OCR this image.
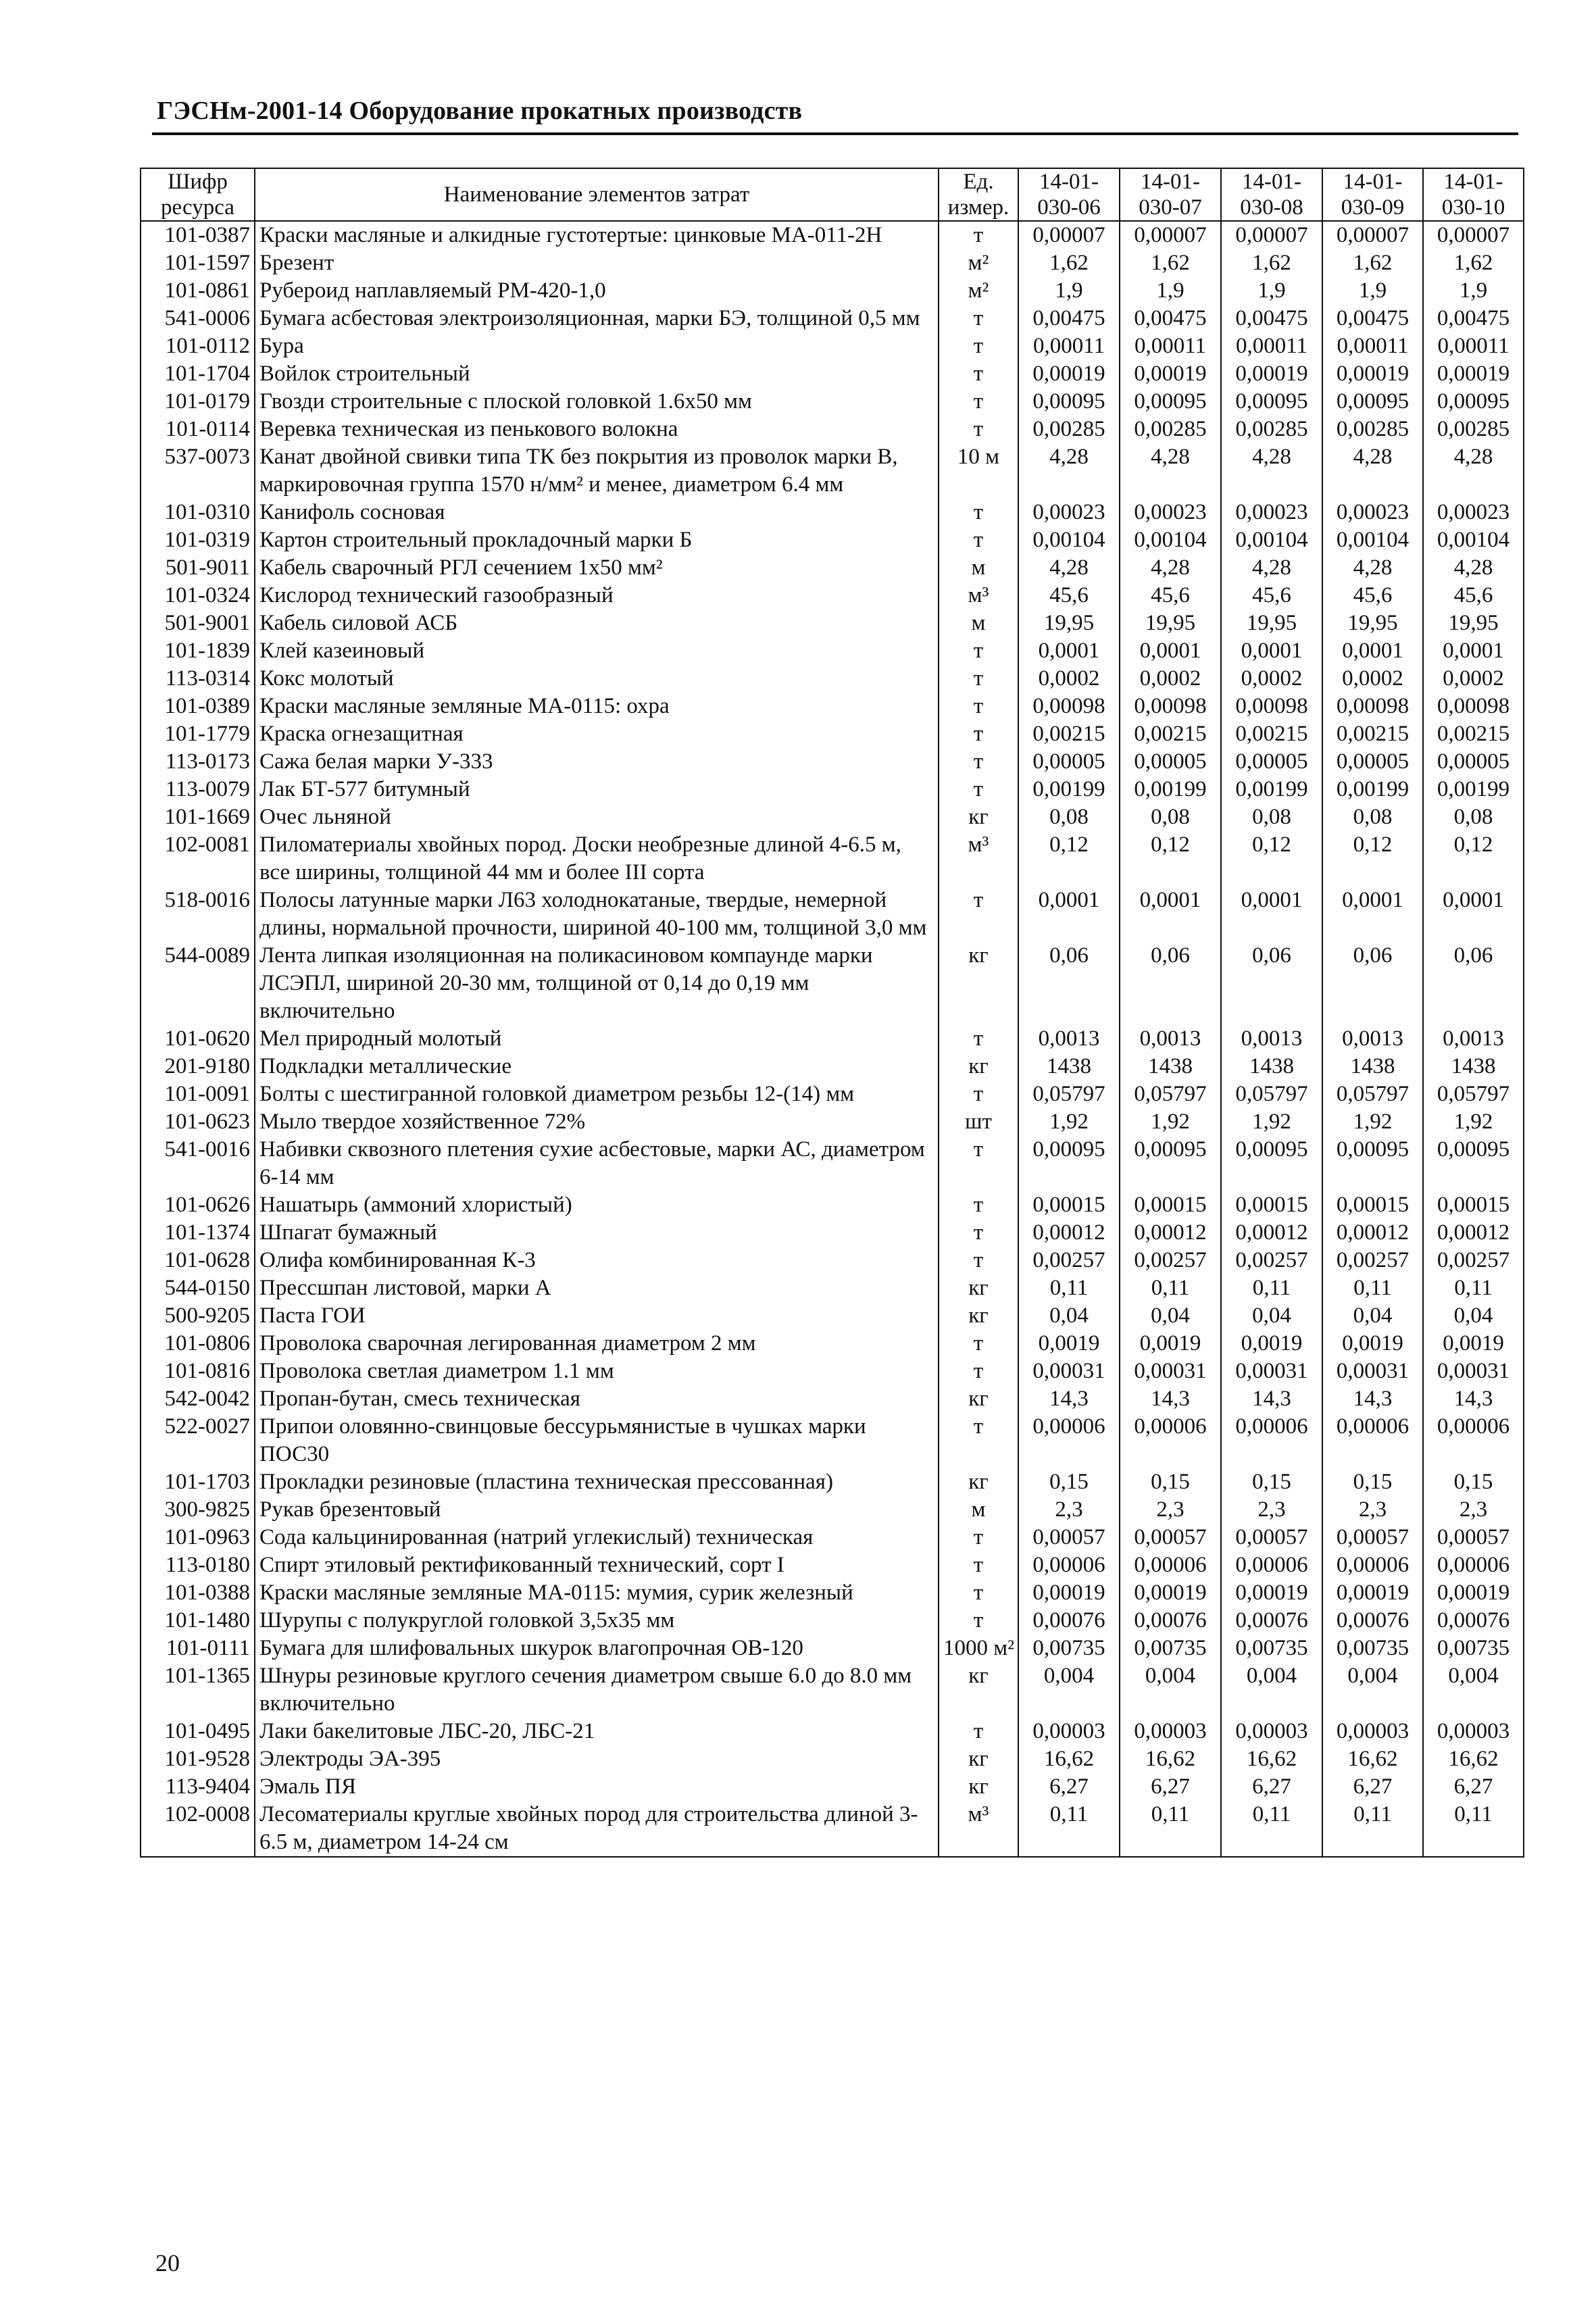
ГЭСНм-2001-14 Оборудование прокатных производств
Шифр ресурса	Наименование элементов затрат	Ед. измер.	14-01-030-06	14-01-030-07	14-01-030-08	14-01-030-09	14-01-030-10
101-0387	Краски масляные и алкидные густотертые: цинковые МА-011-2Н	т	0,00007	0,00007	0,00007	0,00007	0,00007
101-1597	Брезент	м²	1,62	1,62	1,62	1,62	1,62
101-0861	Рубероид наплавляемый РМ-420-1,0	м²	1,9	1,9	1,9	1,9	1,9
541-0006	Бумага асбестовая электроизоляционная, марки БЭ, толщиной 0,5 мм	т	0,00475	0,00475	0,00475	0,00475	0,00475
101-0112	Бура	т	0,00011	0,00011	0,00011	0,00011	0,00011
101-1704	Войлок строительный	т	0,00019	0,00019	0,00019	0,00019	0,00019
101-0179	Гвозди строительные с плоской головкой 1.6х50 мм	т	0,00095	0,00095	0,00095	0,00095	0,00095
101-0114	Веревка техническая из пенькового волокна	т	0,00285	0,00285	0,00285	0,00285	0,00285
537-0073	Канат двойной свивки типа ТК без покрытия из проволок марки В, маркировочная группа 1570 н/мм² и менее, диаметром 6.4 мм	10 м	4,28	4,28	4,28	4,28	4,28
101-0310	Канифоль сосновая	т	0,00023	0,00023	0,00023	0,00023	0,00023
101-0319	Картон строительный прокладочный марки Б	т	0,00104	0,00104	0,00104	0,00104	0,00104
501-9011	Кабель сварочный РГЛ сечением 1х50 мм²	м	4,28	4,28	4,28	4,28	4,28
101-0324	Кислород технический газообразный	м³	45,6	45,6	45,6	45,6	45,6
501-9001	Кабель силовой АСБ	м	19,95	19,95	19,95	19,95	19,95
101-1839	Клей казеиновый	т	0,0001	0,0001	0,0001	0,0001	0,0001
113-0314	Кокс молотый	т	0,0002	0,0002	0,0002	0,0002	0,0002
101-0389	Краски масляные земляные МА-0115: охра	т	0,00098	0,00098	0,00098	0,00098	0,00098
101-1779	Краска огнезащитная	т	0,00215	0,00215	0,00215	0,00215	0,00215
113-0173	Сажа белая марки У-333	т	0,00005	0,00005	0,00005	0,00005	0,00005
113-0079	Лак БТ-577 битумный	т	0,00199	0,00199	0,00199	0,00199	0,00199
101-1669	Очес льняной	кг	0,08	0,08	0,08	0,08	0,08
102-0081	Пиломатериалы хвойных пород. Доски необрезные длиной 4-6.5 м, все ширины, толщиной 44 мм и более III сорта	м³	0,12	0,12	0,12	0,12	0,12
518-0016	Полосы латунные марки Л63 холоднокатаные, твердые, немерной длины, нормальной прочности, шириной 40-100 мм, толщиной 3,0 мм	т	0,0001	0,0001	0,0001	0,0001	0,0001
544-0089	Лента липкая изоляционная на поликасиновом компаунде марки ЛСЭПЛ, шириной 20-30 мм, толщиной от 0,14 до 0,19 мм включительно	кг	0,06	0,06	0,06	0,06	0,06
101-0620	Мел природный молотый	т	0,0013	0,0013	0,0013	0,0013	0,0013
201-9180	Подкладки металлические	кг	1438	1438	1438	1438	1438
101-0091	Болты с шестигранной головкой диаметром резьбы 12-(14) мм	т	0,05797	0,05797	0,05797	0,05797	0,05797
101-0623	Мыло твердое хозяйственное 72%	шт	1,92	1,92	1,92	1,92	1,92
541-0016	Набивки сквозного плетения сухие асбестовые, марки АС, диаметром 6-14 мм	т	0,00095	0,00095	0,00095	0,00095	0,00095
101-0626	Нашатырь (аммоний хлористый)	т	0,00015	0,00015	0,00015	0,00015	0,00015
101-1374	Шпагат бумажный	т	0,00012	0,00012	0,00012	0,00012	0,00012
101-0628	Олифа комбинированная К-3	т	0,00257	0,00257	0,00257	0,00257	0,00257
544-0150	Прессшпан листовой, марки А	кг	0,11	0,11	0,11	0,11	0,11
500-9205	Паста ГОИ	кг	0,04	0,04	0,04	0,04	0,04
101-0806	Проволока сварочная легированная диаметром 2 мм	т	0,0019	0,0019	0,0019	0,0019	0,0019
101-0816	Проволока светлая диаметром 1.1 мм	т	0,00031	0,00031	0,00031	0,00031	0,00031
542-0042	Пропан-бутан, смесь техническая	кг	14,3	14,3	14,3	14,3	14,3
522-0027	Припои оловянно-свинцовые бессурьмянистые в чушках марки ПОС30	т	0,00006	0,00006	0,00006	0,00006	0,00006
101-1703	Прокладки резиновые (пластина техническая прессованная)	кг	0,15	0,15	0,15	0,15	0,15
300-9825	Рукав брезентовый	м	2,3	2,3	2,3	2,3	2,3
101-0963	Сода кальцинированная (натрий углекислый) техническая	т	0,00057	0,00057	0,00057	0,00057	0,00057
113-0180	Спирт этиловый ректификованный технический, сорт I	т	0,00006	0,00006	0,00006	0,00006	0,00006
101-0388	Краски масляные земляные МА-0115: мумия, сурик железный	т	0,00019	0,00019	0,00019	0,00019	0,00019
101-1480	Шурупы с полукруглой головкой 3,5х35 мм	т	0,00076	0,00076	0,00076	0,00076	0,00076
101-0111	Бумага для шлифовальных шкурок влагопрочная ОВ-120	1000 м²	0,00735	0,00735	0,00735	0,00735	0,00735
101-1365	Шнуры резиновые круглого сечения диаметром свыше 6.0 до 8.0 мм включительно	кг	0,004	0,004	0,004	0,004	0,004
101-0495	Лаки бакелитовые ЛБС-20, ЛБС-21	т	0,00003	0,00003	0,00003	0,00003	0,00003
101-9528	Электроды ЭА-395	кг	16,62	16,62	16,62	16,62	16,62
113-9404	Эмаль ПЯ	кг	6,27	6,27	6,27	6,27	6,27
102-0008	Лесоматериалы круглые хвойных пород для строительства длиной 3-6.5 м, диаметром 14-24 см	м³	0,11	0,11	0,11	0,11	0,11
20
